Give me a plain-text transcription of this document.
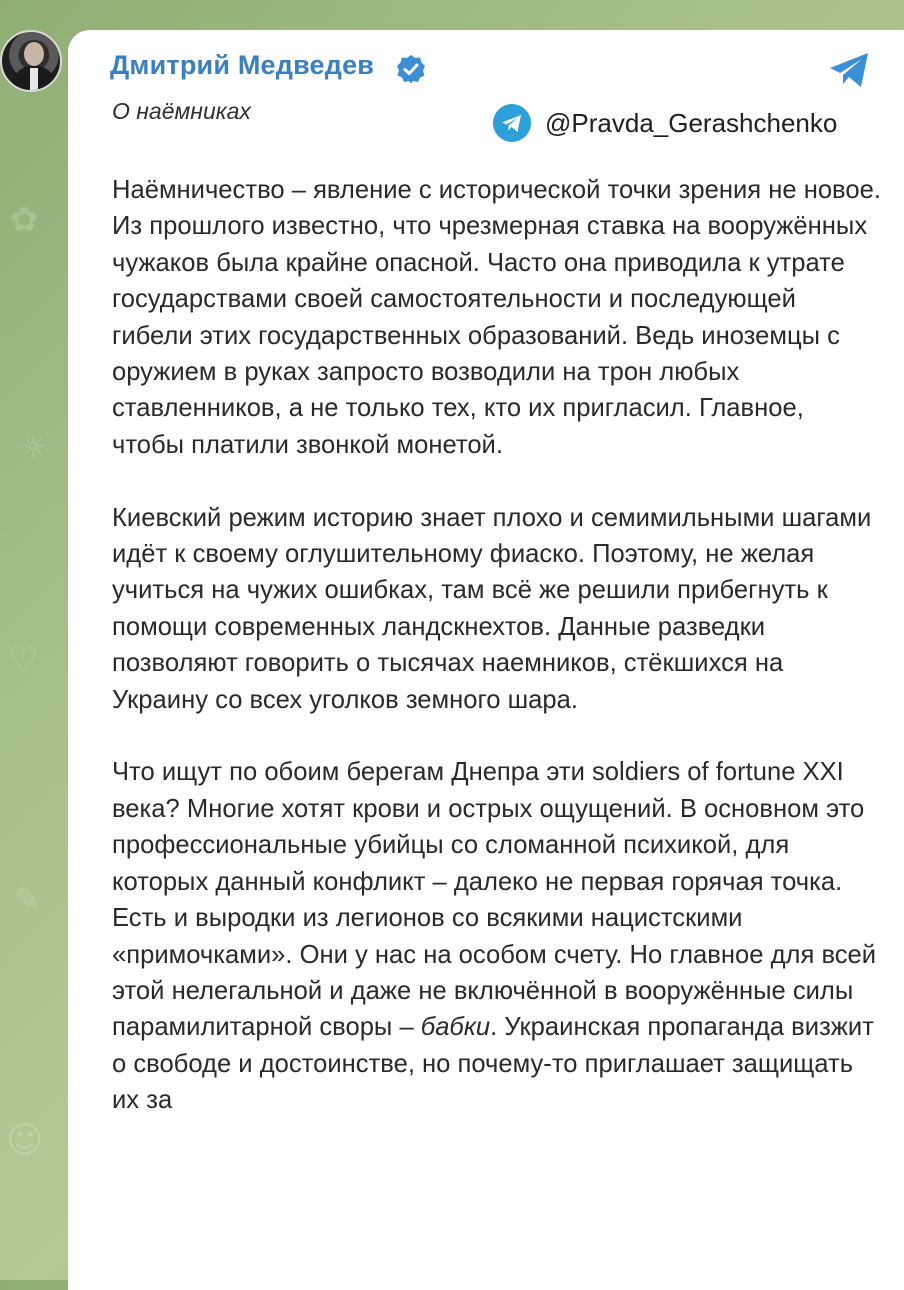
✿
☼
♡
✎
☺
Дмитрий Медведев
О наёмниках	@Pravda_Gerashchenko

Наёмничество – явление с исторической точки зрения не новое. Из прошлого известно, что чрезмерная ставка на вооружённых чужаков была крайне опасной. Часто она приводила к утрате государствами своей самостоятельности и последующей гибели этих государственных образований. Ведь иноземцы с оружием в руках запросто возводили на трон любых ставленников, а не только тех, кто их пригласил. Главное, чтобы платили звонкой монетой.

Киевский режим историю знает плохо и семимильными шагами идёт к своему оглушительному фиаско. Поэтому, не желая учиться на чужих ошибках, там всё же решили прибегнуть к помощи современных ландскнехтов. Данные разведки позволяют говорить о тысячах наемников, стёкшихся на Украину со всех уголков земного шара.

Что ищут по обоим берегам Днепра эти soldiers of fortune XXI века? Многие хотят крови и острых ощущений. В основном это профессиональные убийцы со сломанной психикой, для которых данный конфликт – далеко не первая горячая точка. Есть и выродки из легионов со всякими нацистскими «примочками». Они у нас на особом счету. Но главное для всей этой нелегальной и даже не включённой в вооружённые силы парамилитарной своры – бабки. Украинская пропаганда визжит о свободе и достоинстве, но почему-то приглашает защищать их за
